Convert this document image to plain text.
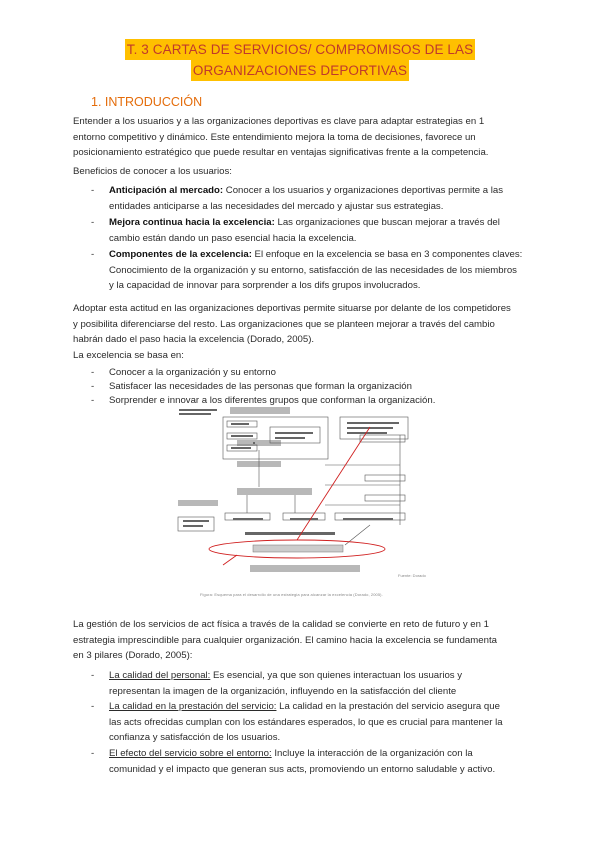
T. 3 CARTAS DE SERVICIOS/ COMPROMISOS DE LAS
ORGANIZACIONES DEPORTIVAS
1. INTRODUCCIÓN
Entender a los usuarios y a las organizaciones deportivas es clave para adaptar estrategias en 1
entorno competitivo y dinámico. Este entendimiento mejora la toma de decisiones, favorece un
posicionamiento estratégico que puede resultar en ventajas significativas frente a la competencia.
Beneficios de conocer a los usuarios:
- Anticipación al mercado: Conocer a los usuarios y organizaciones deportivas permite a las
entidades anticiparse a las necesidades del mercado y ajustar sus estrategias.
- Mejora continua hacia la excelencia: Las organizaciones que buscan mejorar a través del
cambio están dando un paso esencial hacia la excelencia.
- Componentes de la excelencia: El enfoque en la excelencia se basa en 3 componentes claves:
Conocimiento de la organización y su entorno, satisfacción de las necesidades de los miembros
y la capacidad de innovar para sorprender a los difs grupos involucrados.
Adoptar esta actitud en las organizaciones deportivas permite situarse por delante de los competidores
y posibilita diferenciarse del resto. Las organizaciones que se planteen mejorar a través del cambio
habrán dado el paso hacia la excelencia (Dorado, 2005).
La excelencia se basa en:
- Conocer a la organización y su entorno
- Satisfacer las necesidades de las personas que forman la organización
- Sorprender e innovar a los diferentes grupos que conforman la organización.
Fuente: Dorado
Figura: Esquema para el desarrollo de una estrategia para alcanzar la excelencia (Dorado, 2005).
La gestión de los servicios de act física a través de la calidad se convierte en reto de futuro y en 1
estrategia imprescindible para cualquier organización. El camino hacia la excelencia se fundamenta
en 3 pilares (Dorado, 2005):
- La calidad del personal: Es esencial, ya que son quienes interactuan los usuarios y
representan la imagen de la organización, influyendo en la satisfacción del cliente
- La calidad en la prestación del servicio: La calidad en la prestación del servicio asegura que
las acts ofrecidas cumplan con los estándares esperados, lo que es crucial para mantener la
confianza y satisfacción de los usuarios.
- El efecto del servicio sobre el entorno: Incluye la interacción de la organización con la
comunidad y el impacto que generan sus acts, promoviendo un entorno saludable y activo.
